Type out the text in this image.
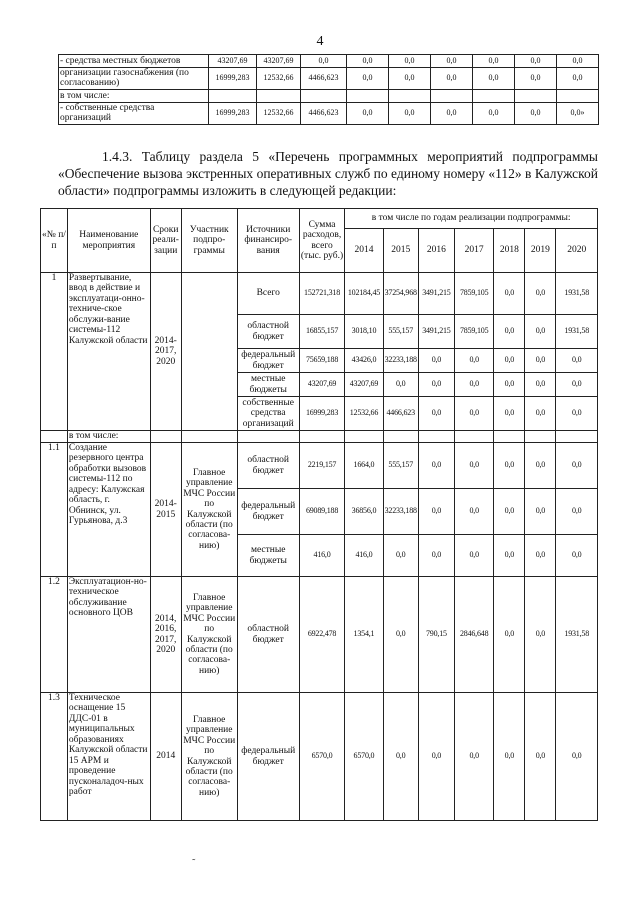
4
- средства местных бюджетов	43207,69	43207,69	0,0	0,0	0,0	0,0	0,0	0,0	0,0
организации газоснабжения (по согласованию)	16999,283	12532,66	4466,623	0,0	0,0	0,0	0,0	0,0	0,0
в том числе:									
- собственные средства организаций	16999,283	12532,66	4466,623	0,0	0,0	0,0	0,0	0,0	0,0»
1.4.3. Таблицу раздела 5 «Перечень программных мероприятий подпрограммы «Обеспечение вызова экстренных оперативных служб по единому номеру «112» в Калужской области» подпрограммы изложить в следующей редакции:
«№ п/п	Наименование мероприятия	Сроки реали-зации	Участник подпро-граммы	Источники финансиро-вания	Сумма расходов, всего (тыс. руб.)	в том числе по годам реализации подпрограммы:						
						2014	2015	2016	2017	2018	2019	2020
1	Развертывание, ввод в действие и эксплуатаци-онно-техниче-ское обслужи-вание системы-112 Калужской области	2014-2017, 2020		Всего	152721,318	102184,45	37254,968	3491,215	7859,105	0,0	0,0	1931,58
				областной бюджет	16855,157	3018,10	555,157	3491,215	7859,105	0,0	0,0	1931,58
				федеральный бюджет	75659,188	43426,0	32233,188	0,0	0,0	0,0	0,0	0,0
				местные бюджеты	43207,69	43207,69	0,0	0,0	0,0	0,0	0,0	0,0
				собственные средства организаций	16999,283	12532,66	4466,623	0,0	0,0	0,0	0,0	0,0
	в том числе:											
1.1	Создание резервного центра обработки вызовов системы-112 по адресу: Калужская область, г. Обнинск, ул. Гурьянова, д.3	2014-2015	Главное управление МЧС России по Калужской области (по согласова-нию)	областной бюджет	2219,157	1664,0	555,157	0,0	0,0	0,0	0,0	0,0
				федеральный бюджет	69089,188	36856,0	32233,188	0,0	0,0	0,0	0,0	0,0
				местные бюджеты	416,0	416,0	0,0	0,0	0,0	0,0	0,0	0,0
1.2	Эксплуатацион-но-техническое обслуживание основного ЦОВ	2014, 2016, 2017, 2020	Главное управление МЧС России по Калужской области (по согласова-нию)	областной бюджет	6922,478	1354,1	0,0	790,15	2846,648	0,0	0,0	1931,58
1.3	Техническое оснащение 15 ДДС-01 в муниципальных образованиях Калужской области 15 АРМ и проведение пусконаладоч-ных работ	2014	Главное управление МЧС России по Калужской области (по согласова-нию)	федеральный бюджет	6570,0	6570,0	0,0	0,0	0,0	0,0	0,0	0,0
˜
